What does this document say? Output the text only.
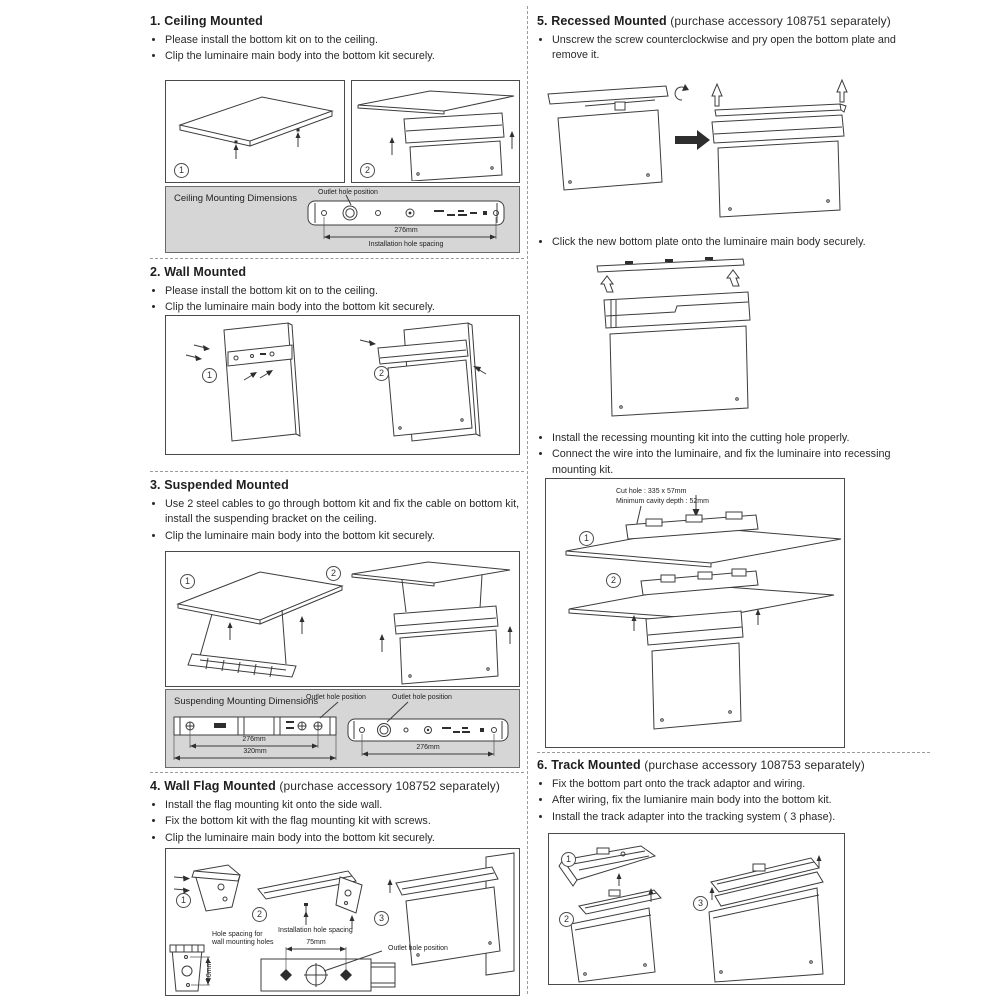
1. Ceiling Mounted
• Please install the bottom kit on to the ceiling.
• Clip the luminaire main body into the bottom kit securely.
1	2
Ceiling Mounting Dimensions
Outlet hole position
276mm
Installation hole spacing
2. Wall Mounted
• Please install the bottom kit on to the ceiling.
• Clip the luminaire main body into the bottom kit securely.
1	2
3. Suspended Mounted
• Use 2 steel cables to go through bottom kit and fix the cable on bottom kit, install the suspending bracket on the ceiling.
• Clip the luminaire main body into the bottom kit securely.
1
2
Suspending Mounting Dimensions
Outlet hole position	Outlet hole position
276mm
320mm
276mm
4. Wall Flag Mounted (purchase accessory 108752 separately)
• Install the flag mounting kit onto the side wall.
• Fix the bottom kit with the flag mounting kit with screws.
• Clip the luminaire main body into the bottom kit securely.
1
2	3
Hole spacing for wall mounting holes
40mm
Installation hole spacing
75mm
Outlet hole position
5. Recessed Mounted (purchase accessory 108751 separately)
• Unscrew the screw counterclockwise and pry open the bottom plate and remove it.
• Click the new bottom plate onto the luminaire main body securely.
• Install the recessing mounting kit into the cutting hole properly.
• Connect the wire into the luminaire, and fix the luminaire into recessing mounting kit.
Cut hole : 335 x 57mm
Minimum cavity depth : 52mm
1
2
6. Track Mounted (purchase accessory 108753 separately)
• Fix the bottom part onto the track adaptor and wiring.
• After wiring, fix the lumianire main body into the bottom kit.
• Install the track adapter into the tracking system ( 3 phase).
1
2
3
